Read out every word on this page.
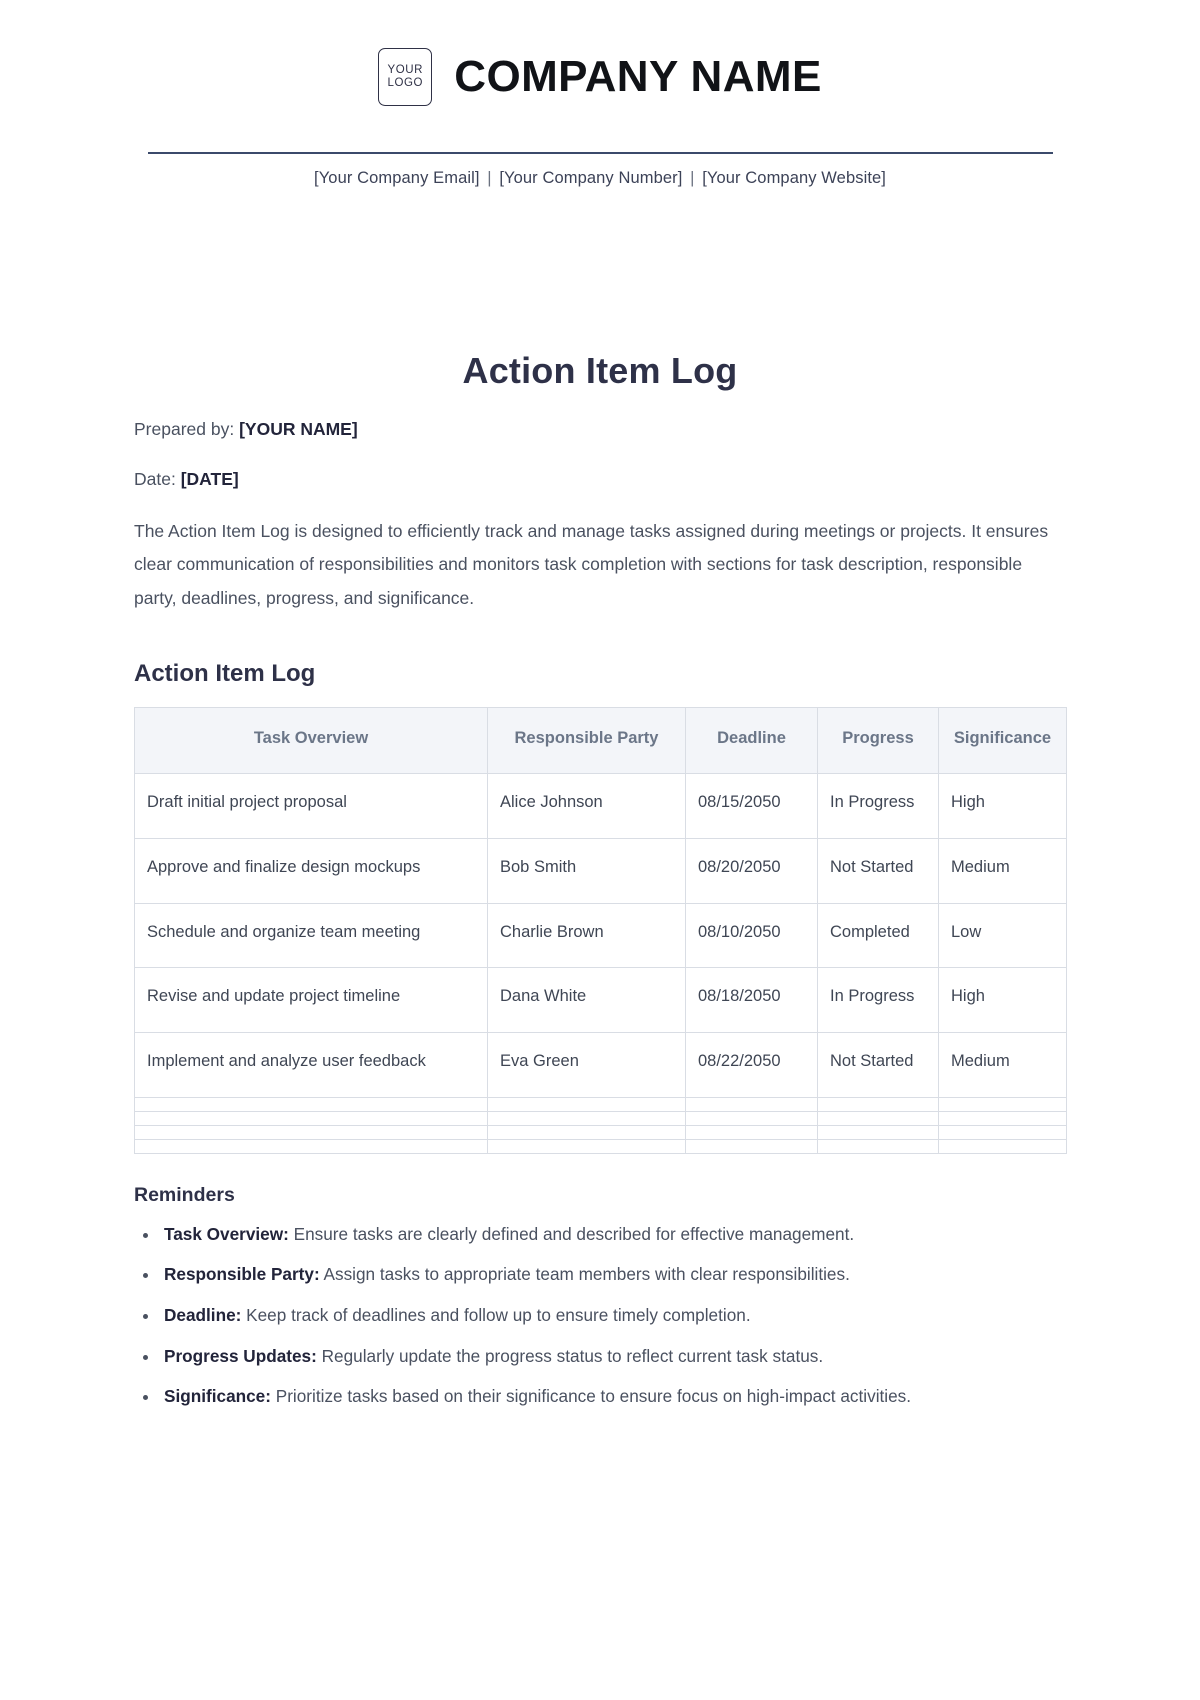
YOUR
LOGO COMPANY NAME
[Your Company Email] | [Your Company Number] | [Your Company Website]
Action Item Log

Prepared by: [YOUR NAME]

Date: [DATE]

The Action Item Log is designed to efficiently track and manage tasks assigned during meetings or projects. It ensures clear communication of responsibilities and monitors task completion with sections for task description, responsible party, deadlines, progress, and significance.

Action Item Log
Task Overview	Responsible Party	Deadline	Progress	Significance
Draft initial project proposal	Alice Johnson	08/15/2050	In Progress	High
Approve and finalize design mockups	Bob Smith	08/20/2050	Not Started	Medium
Schedule and organize team meeting	Charlie Brown	08/10/2050	Completed	Low
Revise and update project timeline	Dana White	08/18/2050	In Progress	High
Implement and analyze user feedback	Eva Green	08/22/2050	Not Started	Medium

Reminders
• Task Overview: Ensure tasks are clearly defined and described for effective management.
• Responsible Party: Assign tasks to appropriate team members with clear responsibilities.
• Deadline: Keep track of deadlines and follow up to ensure timely completion.
• Progress Updates: Regularly update the progress status to reflect current task status.
• Significance: Prioritize tasks based on their significance to ensure focus on high-impact activities.
